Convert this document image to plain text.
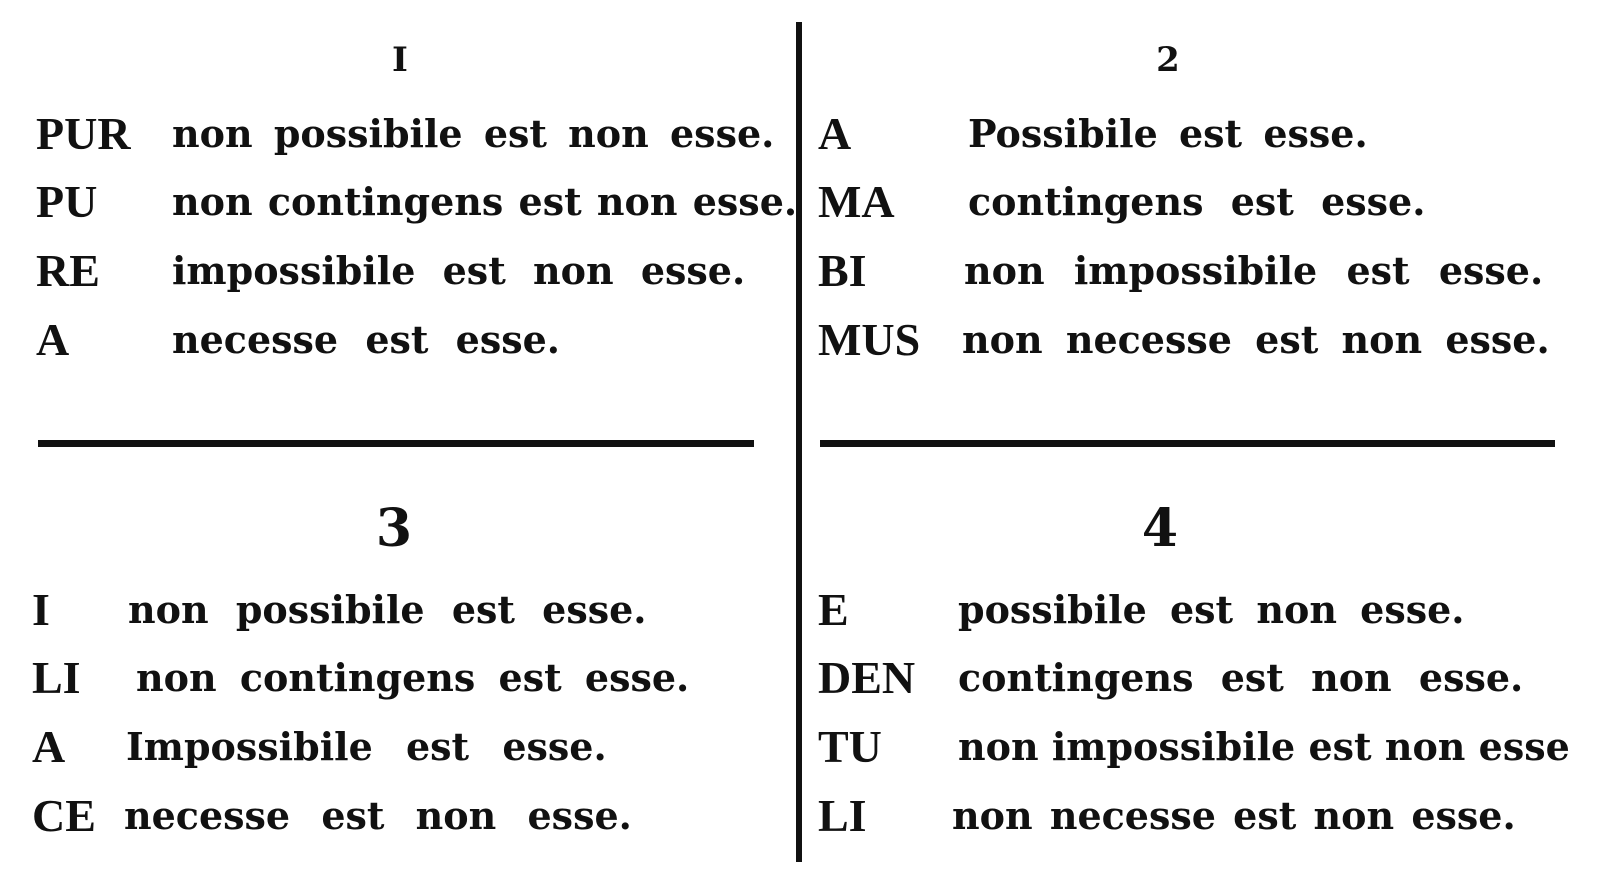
I
PUR non possibile est non esse.
PU non contingens est non esse.
RE impossibile est non esse.
A	necesse est esse.
2
A	Possibile est esse.
MA contingens est esse.
BI	non impossibile est esse.
MUS non necesse est non esse.
3
I non possibile est esse.
LI non contingens est esse.
A Impossibile est esse.
CE necesse est non esse.
4
E	possibile est non esse.
DEN contingens est non esse.
TU non impossibile est non esse
LI non necesse est non esse.
